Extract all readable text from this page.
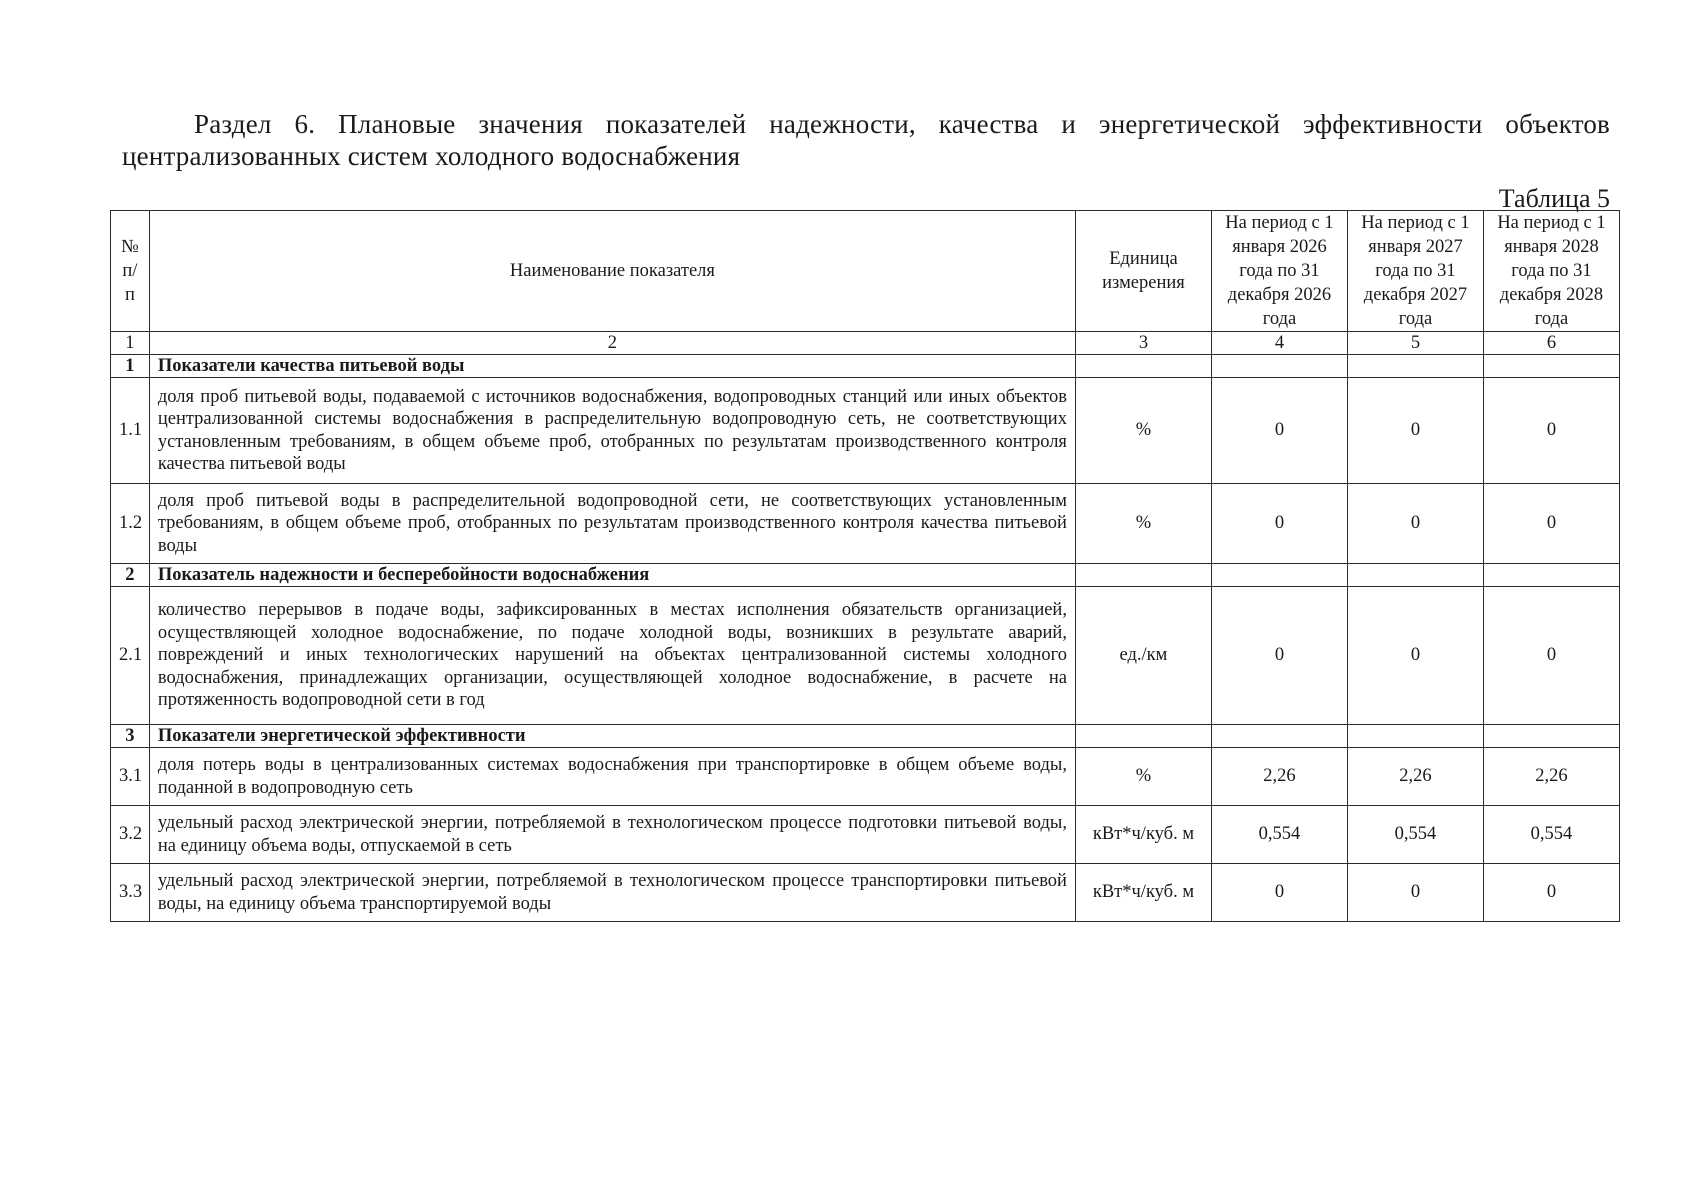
Раздел 6. Плановые значения показателей надежности, качества и энергетической эффективности объектов
централизованных систем холодного водоснабжения
Таблица 5
№ п/п	Наименование показателя	Единица измерения	На период с 1 января 2026 года по 31 декабря 2026 года	На период с 1 января 2027 года по 31 декабря 2027 года	На период с 1 января 2028 года по 31 декабря 2028 года
1	2	3	4	5	6
1	Показатели качества питьевой воды				
1.1	доля проб питьевой воды, подаваемой с источников водоснабжения, водопроводных станций или иных объектов централизованной системы водоснабжения в распределительную водопроводную сеть, не соответствующих установленным требованиям, в общем объеме проб, отобранных по результатам производственного контроля качества питьевой воды	%	0	0	0
1.2	доля проб питьевой воды в распределительной водопроводной сети, не соответствующих установленным требованиям, в общем объеме проб, отобранных по результатам производственного контроля качества питьевой воды	%	0	0	0
2	Показатель надежности и бесперебойности водоснабжения				
2.1	количество перерывов в подаче воды, зафиксированных в местах исполнения обязательств организацией, осуществляющей холодное водоснабжение, по подаче холодной воды, возникших в результате аварий, повреждений и иных технологических нарушений на объектах централизованной системы холодного водоснабжения, принадлежащих организации, осуществляющей холодное водоснабжение, в расчете на протяженность водопроводной сети в год	ед./км	0	0	0
3	Показатели энергетической эффективности				
3.1	доля потерь воды в централизованных системах водоснабжения при транспортировке в общем объеме воды, поданной в водопроводную сеть	%	2,26	2,26	2,26
3.2	удельный расход электрической энергии, потребляемой в технологическом процессе подготовки питьевой воды, на единицу объема воды, отпускаемой в сеть	кВт*ч/куб. м	0,554	0,554	0,554
3.3	удельный расход электрической энергии, потребляемой в технологическом процессе транспортировки питьевой воды, на единицу объема транспортируемой воды	кВт*ч/куб. м	0	0	0
